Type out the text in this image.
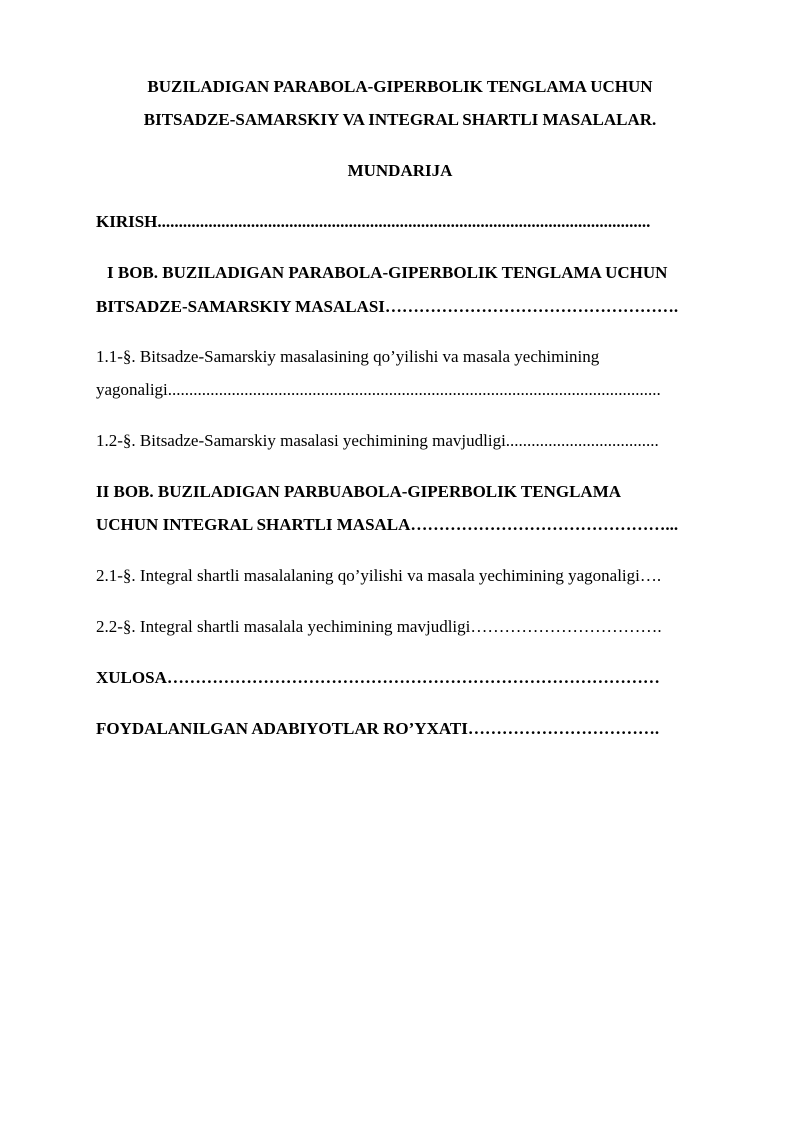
BUZILADIGAN PARABOLA-GIPERBOLIK TENGLAMA UCHUN
BITSADZE-SAMARSKIY VA INTEGRAL SHARTLI MASALALAR.
MUNDARIJA
KIRISH....................................................................................................................
I BOB. BUZILADIGAN PARABOLA-GIPERBOLIK TENGLAMA UCHUN
BITSADZE-SAMARSKIY MASALASI…………………………………………….
1.1-§. Bitsadze-Samarskiy masalasining qo’yilishi va masala yechimining
yagonaligi....................................................................................................................
1.2-§. Bitsadze-Samarskiy masalasi yechimining mavjudligi....................................
II BOB. BUZILADIGAN PARBUABOLA-GIPERBOLIK TENGLAMA
UCHUN INTEGRAL SHARTLI MASALA………………………………………...
2.1-§. Integral shartli masalalaning qo’yilishi va masala yechimining yagonaligi….
2.2-§. Integral shartli masalala yechimining mavjudligi…………………………….
XULOSA……………………………………………………………………………
FOYDALANILGAN ADABIYOTLAR RO’YXATI…………………………….
